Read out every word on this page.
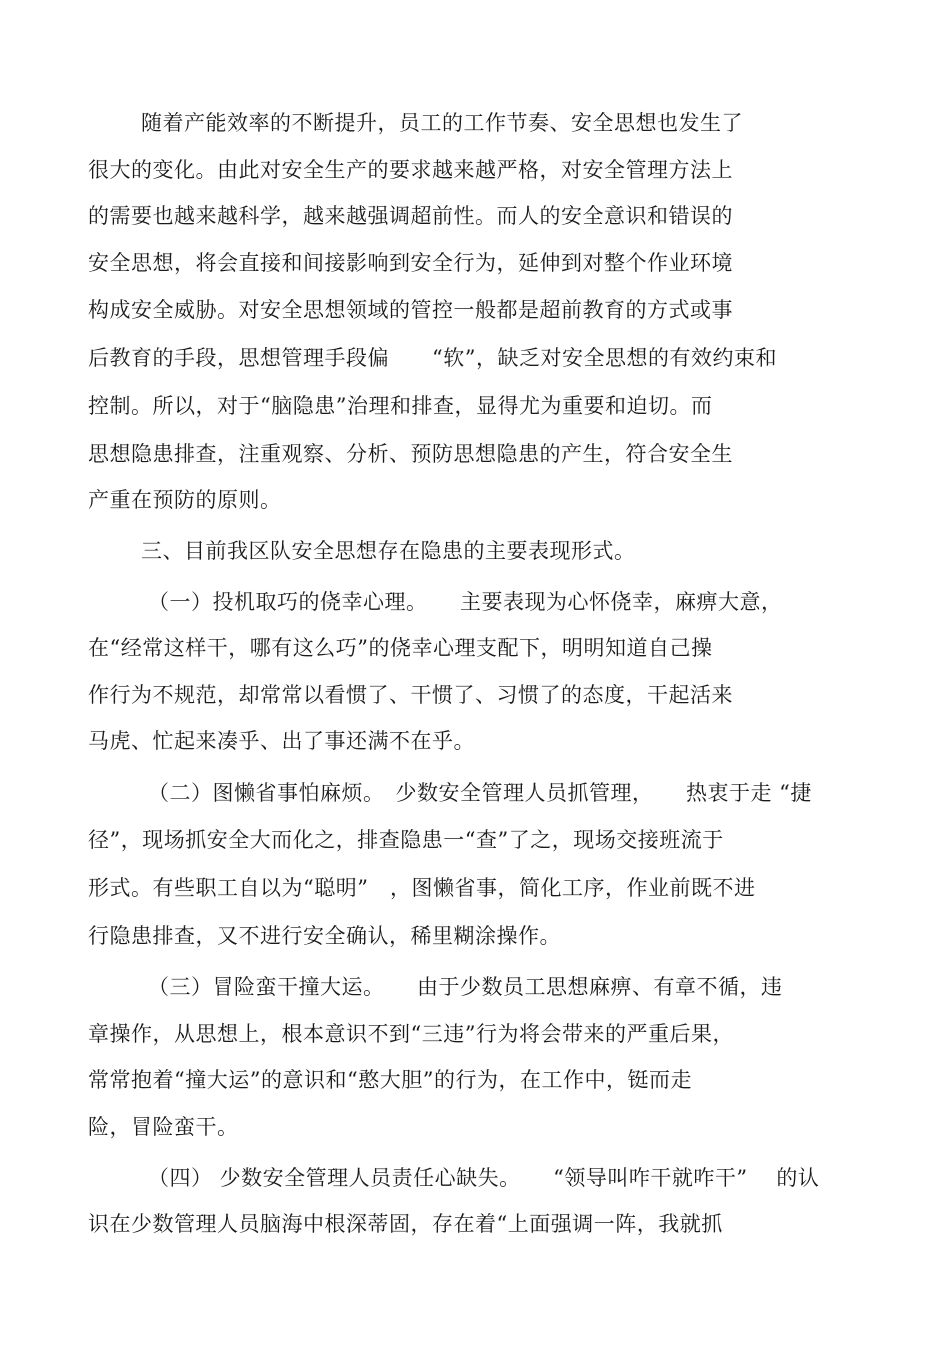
随着产能效率的不断提升，员工的工作节奏、安全思想也发生了
很大的变化。由此对安全生产的要求越来越严格，对安全管理方法上
的需要也越来越科学，越来越强调超前性。而人的安全意识和错误的
安全思想，将会直接和间接影响到安全行为，延伸到对整个作业环境
构成安全威胁。对安全思想领域的管控一般都是超前教育的方式或事
后教育的手段，思想管理手段偏　　“软”，缺乏对安全思想的有效约束和
控制。所以，对于“脑隐患”治理和排查，显得尤为重要和迫切。而
思想隐患排查，注重观察、分析、预防思想隐患的产生，符合安全生
产重在预防的原则。
三、目前我区队安全思想存在隐患的主要表现形式。
（一）投机取巧的侥幸心理。　　主要表现为心怀侥幸，麻痹大意，
在“经常这样干，哪有这么巧”的侥幸心理支配下，明明知道自己操
作行为不规范，却常常以看惯了、干惯了、习惯了的态度，干起活来
马虎、忙起来凑乎、出了事还满不在乎。
（二）图懒省事怕麻烦。　少数安全管理人员抓管理，　　热衷于走 “捷
径”，现场抓安全大而化之，排查隐患一“查”了之，现场交接班流于
形式。有些职工自以为“聪明”　，图懒省事，简化工序，作业前既不进
行隐患排查，又不进行安全确认，稀里糊涂操作。
（三）冒险蛮干撞大运。　　由于少数员工思想麻痹、有章不循，违
章操作，从思想上，根本意识不到“三违”行为将会带来的严重后果，
常常抱着“撞大运”的意识和“憨大胆”的行为，在工作中，铤而走
险，冒险蛮干。
（四） 少数安全管理人员责任心缺失。　　“领导叫咋干就咋干”　 的认
识在少数管理人员脑海中根深蒂固，存在着“上面强调一阵，我就抓
